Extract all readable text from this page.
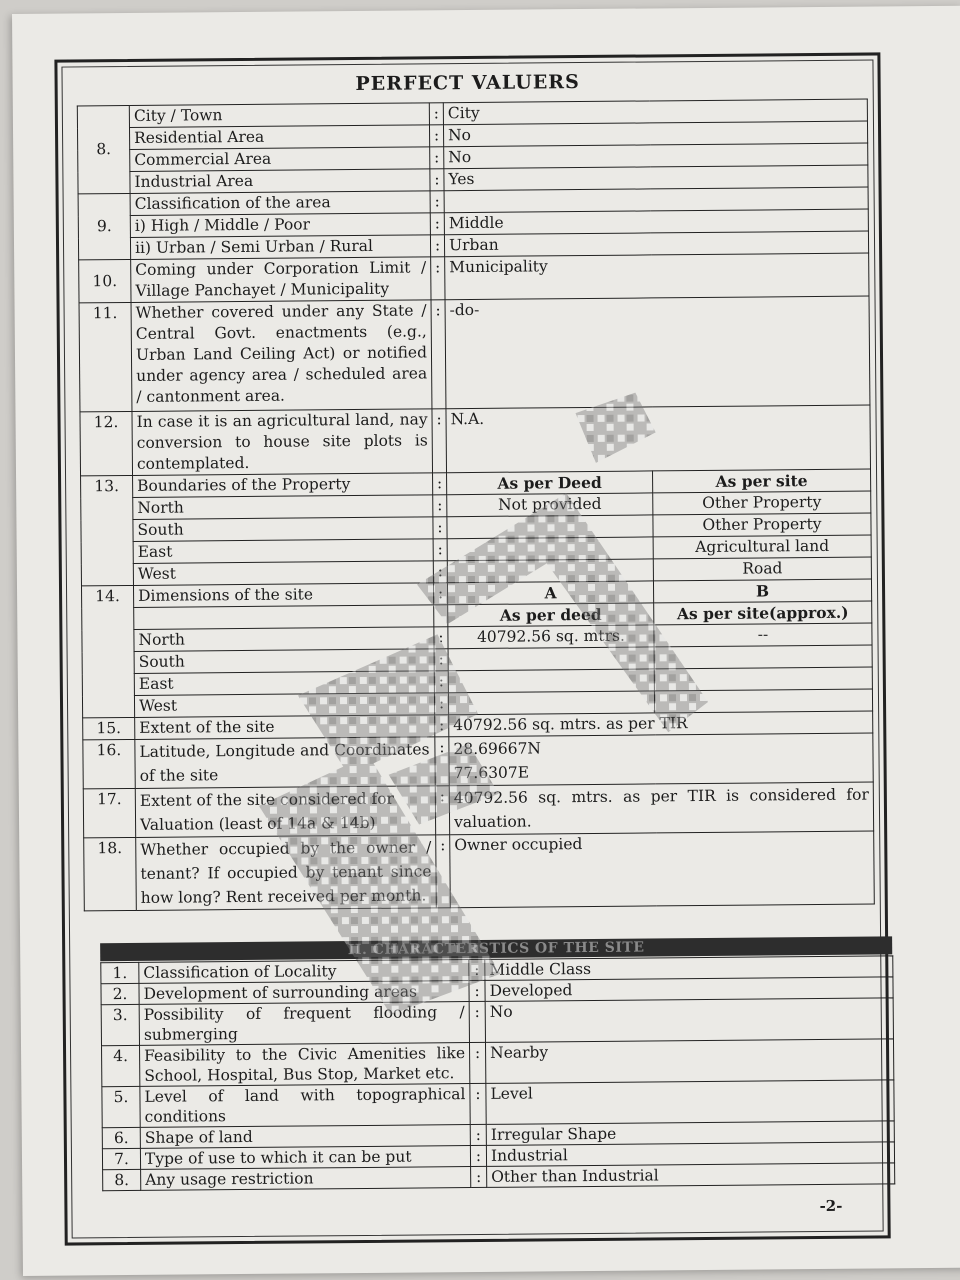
PERFECT VALUERS
8.	City / Town	:	City	
	Residential Area	:	No	
	Commercial Area	:	No	
	Industrial Area	:	Yes	
9.	Classification of the area	:		
	i) High / Middle / Poor	:	Middle	
	ii) Urban / Semi Urban / Rural	:	Urban	
10.	Coming under Corporation Limit / Village Panchayet / Municipality	:	Municipality	
11.	Whether covered under any State / Central Govt. enactments (e.g., Urban Land Ceiling Act) or notified under agency area / scheduled area / cantonment area.	:	-do-	
12.	In case it is an agricultural land, nay conversion to house site plots is contemplated.	:	N.A.	
13.	Boundaries of the Property	:	As per Deed	As per site
	North	:	Not provided	Other Property
	South	:		Other Property
	East	:		Agricultural land
	West	:		Road
14.	Dimensions of the site	:	A	B
			As per deed	As per site(approx.)
	North	:	40792.56 sq. mtrs.	--
	South	:		
	East	:		
	West	:		
15.	Extent of the site	:	40792.56 sq. mtrs. as per TIR	
16.	Latitude, Longitude and Coordinates of the site	:	28.69667N
77.6307E	

17.	Extent of the site considered for Valuation (least of 14a & 14b)	:	40792.56 sq. mtrs. as per TIR is considered for valuation.	
18.	Whether occupied by the owner / tenant? If occupied by tenant since how long? Rent received per month.	:	Owner occupied	
II. CHARACTERSTICS OF THE SITE
1.	Classification of Locality	:	Middle Class
2.	Development of surrounding areas	:	Developed
3.	Possibility of frequent flooding / submerging	:	No
4.	Feasibility to the Civic Amenities like School, Hospital, Bus Stop, Market etc.	:	Nearby
5.	Level of land with topographical conditions	:	Level
6.	Shape of land	:	Irregular Shape
7.	Type of use to which it can be put	:	Industrial
8.	Any usage restriction	:	Other than Industrial
-2-
